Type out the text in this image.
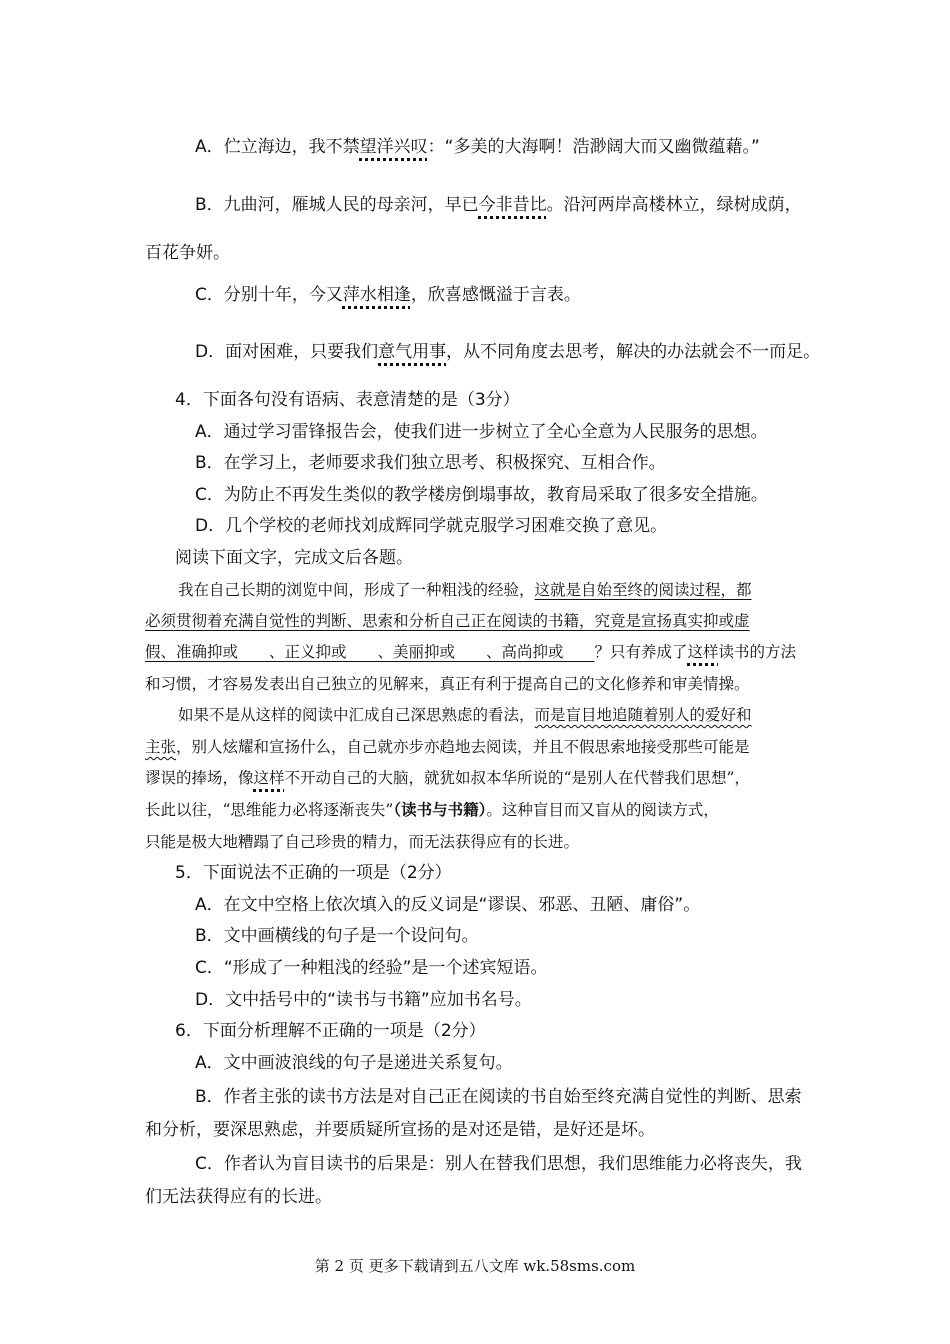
A．伫立海边，我不禁望洋兴叹：“多美的大海啊！浩渺阔大而又幽微蕴藉。”
B．九曲河，雁城人民的母亲河，早已今非昔比。沿河两岸高楼林立，绿树成荫，
百花争妍。
C．分别十年，今又萍水相逢，欣喜感慨溢于言表。
D．面对困难，只要我们意气用事，从不同角度去思考，解决的办法就会不一而足。
4．下面各句没有语病、表意清楚的是（3分）
A．通过学习雷锋报告会，使我们进一步树立了全心全意为人民服务的思想。
B．在学习上，老师要求我们独立思考、积极探究、互相合作。
C．为防止不再发生类似的教学楼房倒塌事故，教育局采取了很多安全措施。
D．几个学校的老师找刘成辉同学就克服学习困难交换了意见。
阅读下面文字，完成文后各题。
我在自己长期的浏览中间，形成了一种粗浅的经验，这就是自始至终的阅读过程，都
必须贯彻着充满自觉性的判断、思索和分析自己正在阅读的书籍，究竟是宣扬真实抑或虚
假、准确抑或　　、正义抑或　　、美丽抑或　　、高尚抑或　　？只有养成了这样读书的方法
和习惯，才容易发表出自己独立的见解来，真正有利于提高自己的文化修养和审美情操。
如果不是从这样的阅读中汇成自己深思熟虑的看法，而是盲目地追随着别人的爱好和
主张，别人炫耀和宣扬什么，自己就亦步亦趋地去阅读，并且不假思索地接受那些可能是
谬误的捧场，像这样不开动自己的大脑，就犹如叔本华所说的“是别人在代替我们思想”，
长此以往，“思维能力必将逐渐丧失”（读书与书籍）。这种盲目而又盲从的阅读方式，
只能是极大地糟蹋了自己珍贵的精力，而无法获得应有的长进。
5．下面说法不正确的一项是（2分）
A．在文中空格上依次填入的反义词是“谬误、邪恶、丑陋、庸俗”。
B．文中画横线的句子是一个设问句。
C．“形成了一种粗浅的经验”是一个述宾短语。
D．文中括号中的“读书与书籍”应加书名号。
6．下面分析理解不正确的一项是（2分）
A．文中画波浪线的句子是递进关系复句。
B．作者主张的读书方法是对自己正在阅读的书自始至终充满自觉性的判断、思索
和分析，要深思熟虑，并要质疑所宣扬的是对还是错，是好还是坏。
C．作者认为盲目读书的后果是：别人在替我们思想，我们思维能力必将丧失，我
们无法获得应有的长进。
第 2 页 更多下载请到五八文库 wk.58sms.com
